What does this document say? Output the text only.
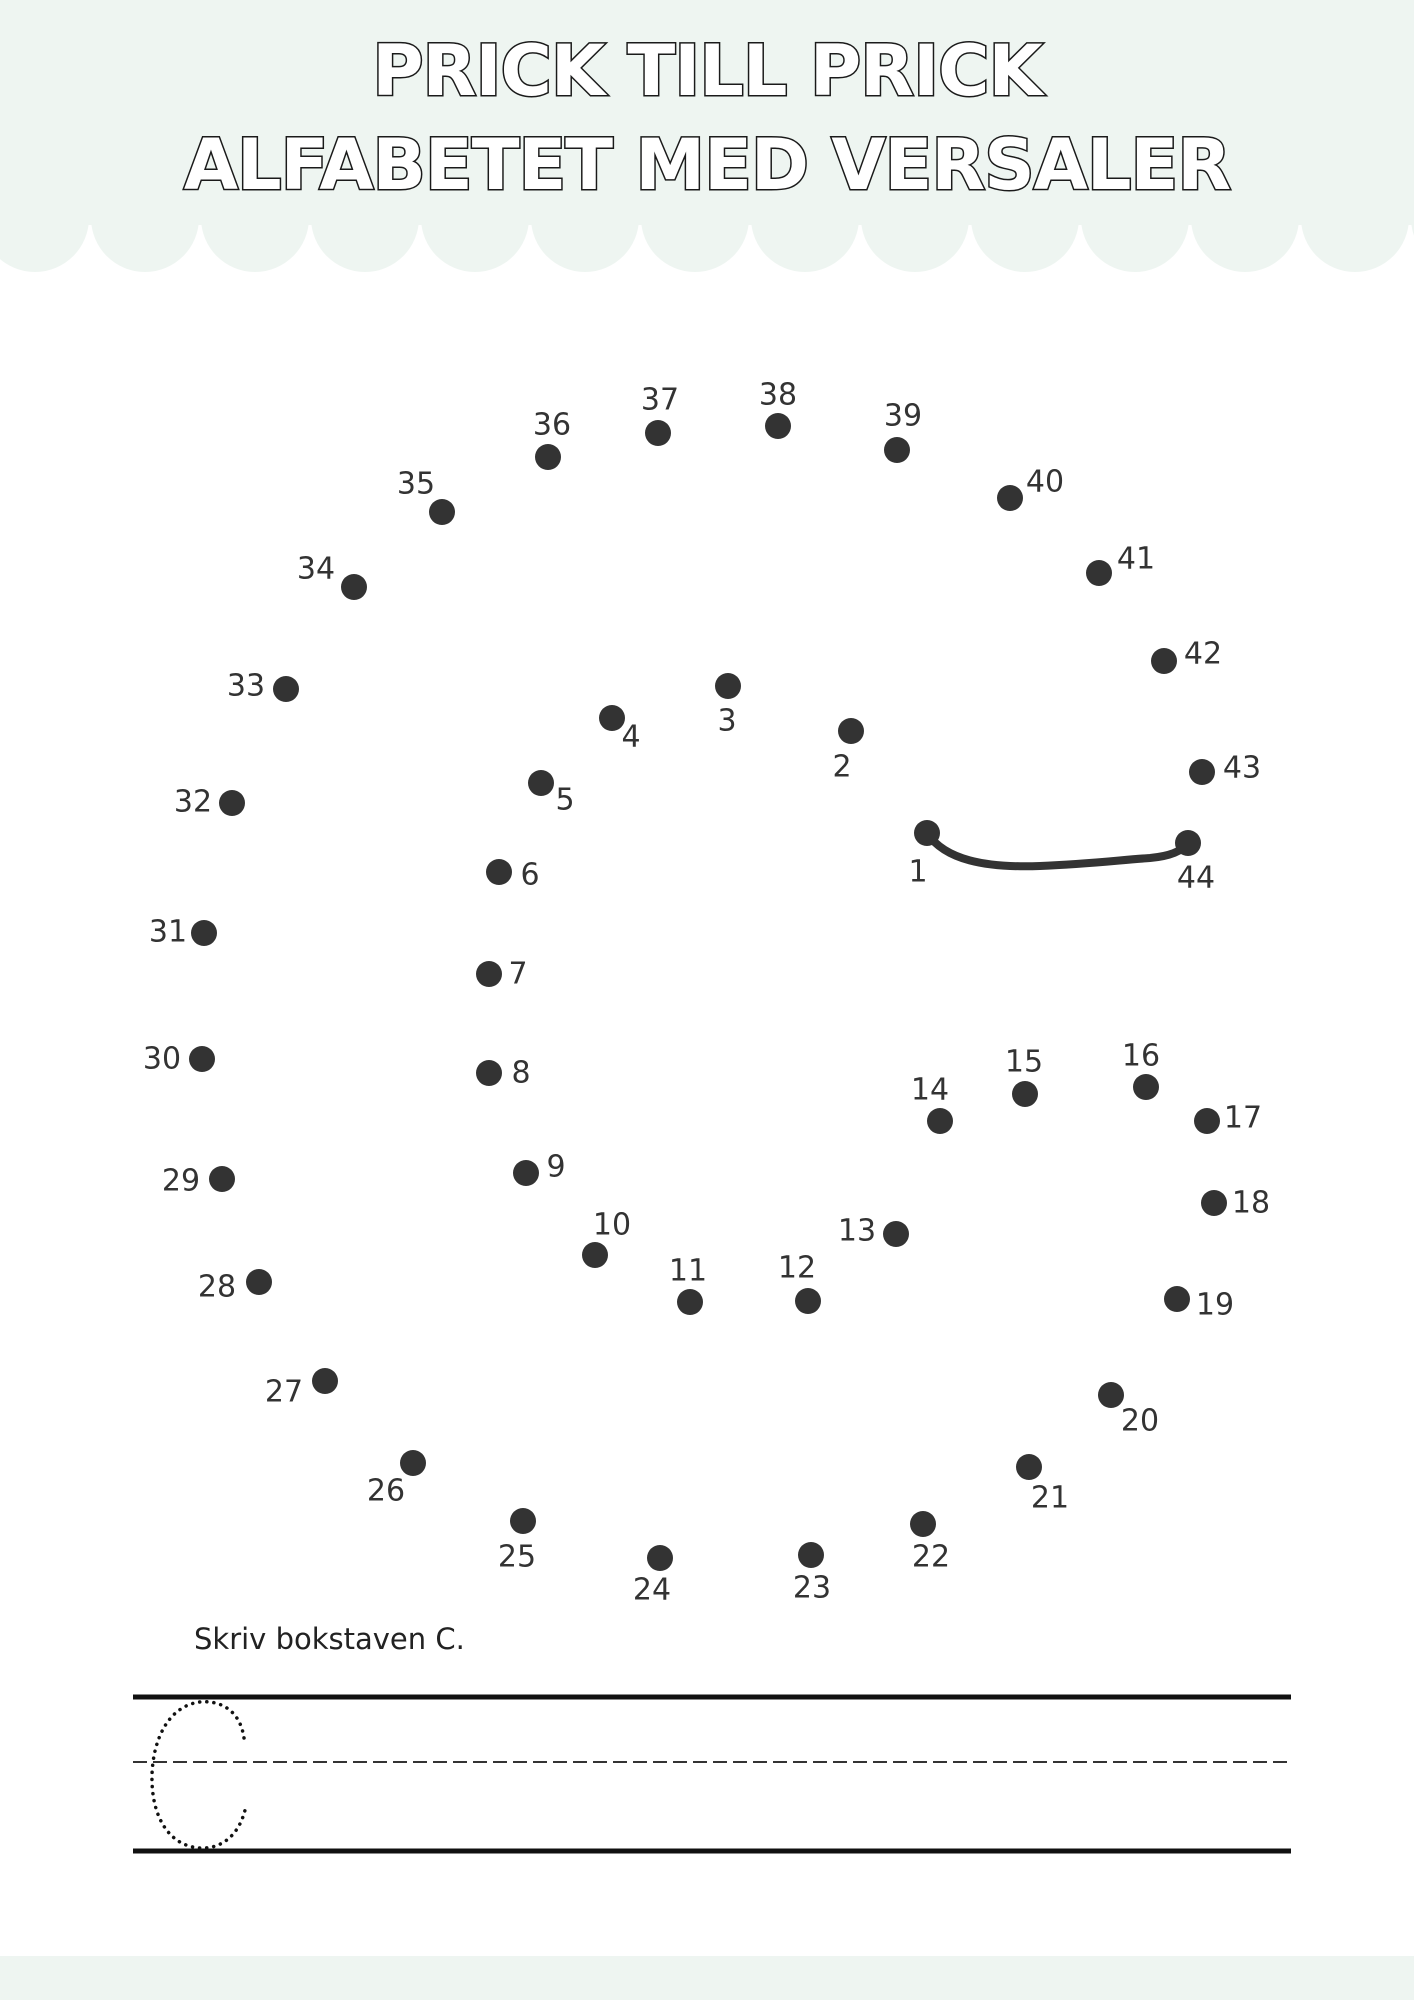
PRICK TILL PRICK
ALFABETET MED VERSALER
1
2
3
4
5
6
7
8
9
10
11 12
13
14
15	16
17
18
19
20
21
22
23
24
25
26
27
28
29
30
31
32
33
34
35
36
37	38
39
40
41
42
43
44
Skriv bokstaven C.
